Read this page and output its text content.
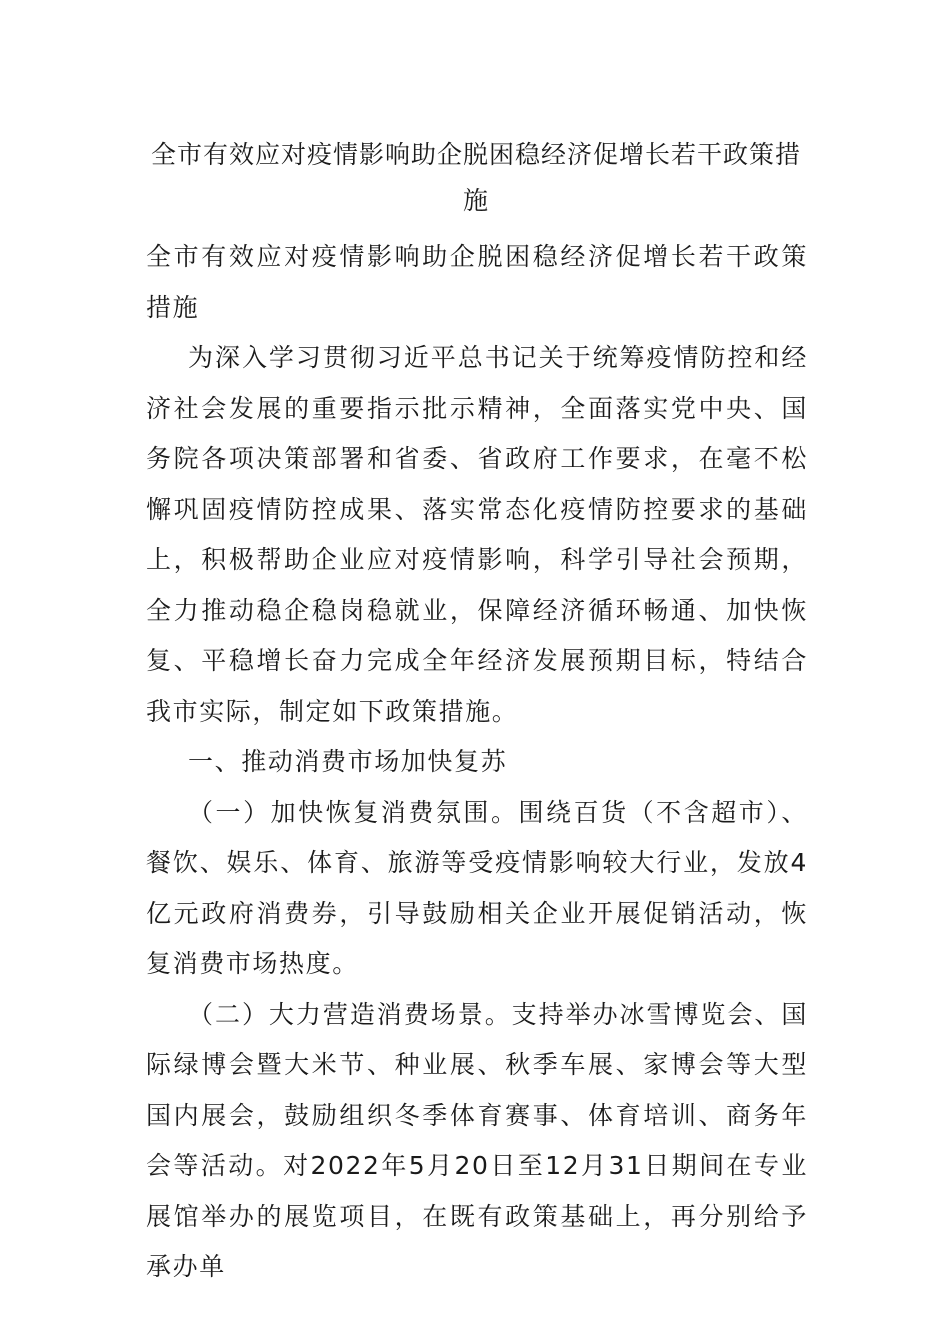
全市有效应对疫情影响助企脱困稳经济促增长若干政策措
施

全市有效应对疫情影响助企脱困稳经济促增长若干政策措施

为深入学习贯彻习近平总书记关于统筹疫情防控和经济社会发展的重要指示批示精神，全面落实党中央、国务院各项决策部署和省委、省政府工作要求，在毫不松懈巩固疫情防控成果、落实常态化疫情防控要求的基础上，积极帮助企业应对疫情影响，科学引导社会预期，全力推动稳企稳岗稳就业，保障经济循环畅通、加快恢复、平稳增长奋力完成全年经济发展预期目标，特结合我市实际，制定如下政策措施。

一、推动消费市场加快复苏

（一）加快恢复消费氛围。围绕百货（不含超市）、餐饮、娱乐、体育、旅游等受疫情影响较大行业，发放4亿元政府消费券，引导鼓励相关企业开展促销活动，恢复消费市场热度。

（二）大力营造消费场景。支持举办冰雪博览会、国际绿博会暨大米节、种业展、秋季车展、家博会等大型国内展会，鼓励组织冬季体育赛事、体育培训、商务年会等活动。对2022年5月20日至12月31日期间在专业展馆举办的展览项目，在既有政策基础上，再分别给予承办单
